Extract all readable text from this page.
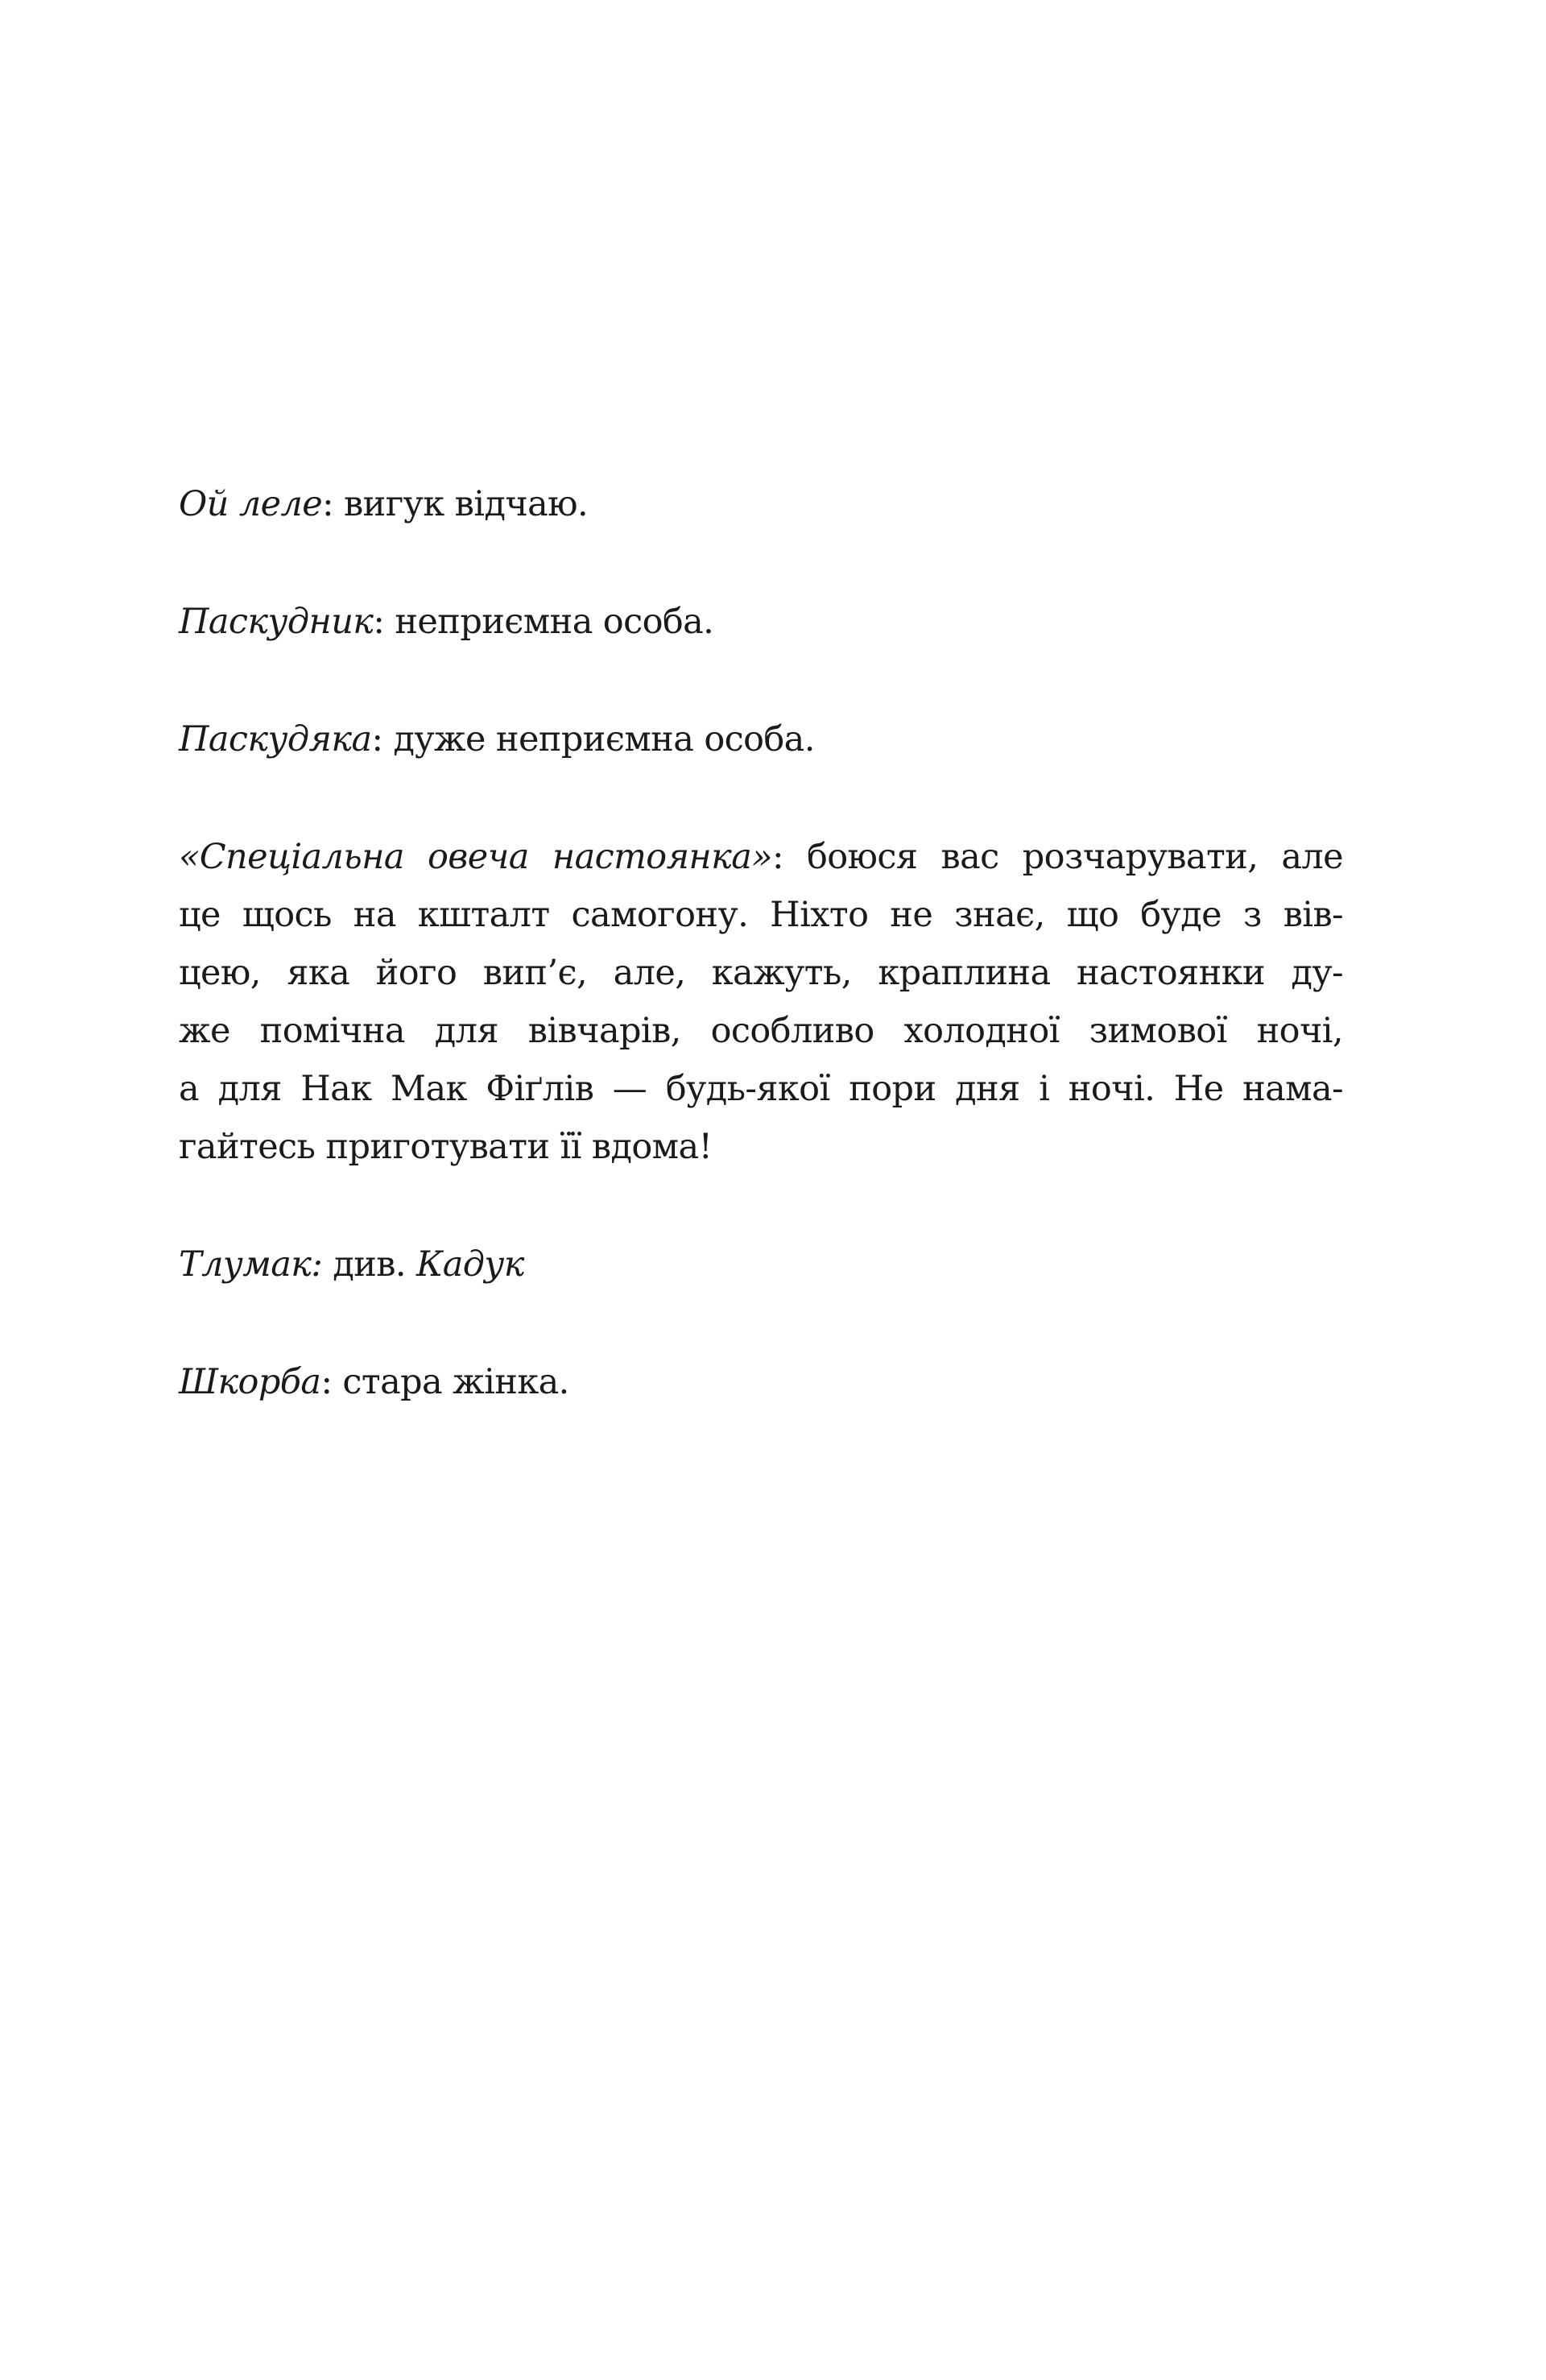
Ой леле: вигук відчаю.

Паскудник: неприємна особа.

Паскудяка: дуже неприємна особа.

«Спеціальна овеча настоянка»: боюся вас розчарувати, але
це щось на кшталт самогону. Ніхто не знає, що буде з вів-
цею, яка його вип’є, але, кажуть, краплина настоянки ду-
же помічна для вівчарів, особливо холодної зимової ночі,
а для Нак Мак Фіґлів — будь-якої пори дня і ночі. Не нама-
гайтесь приготувати її вдома!

Тлумак: див. Кадук

Шкорба: стара жінка.
